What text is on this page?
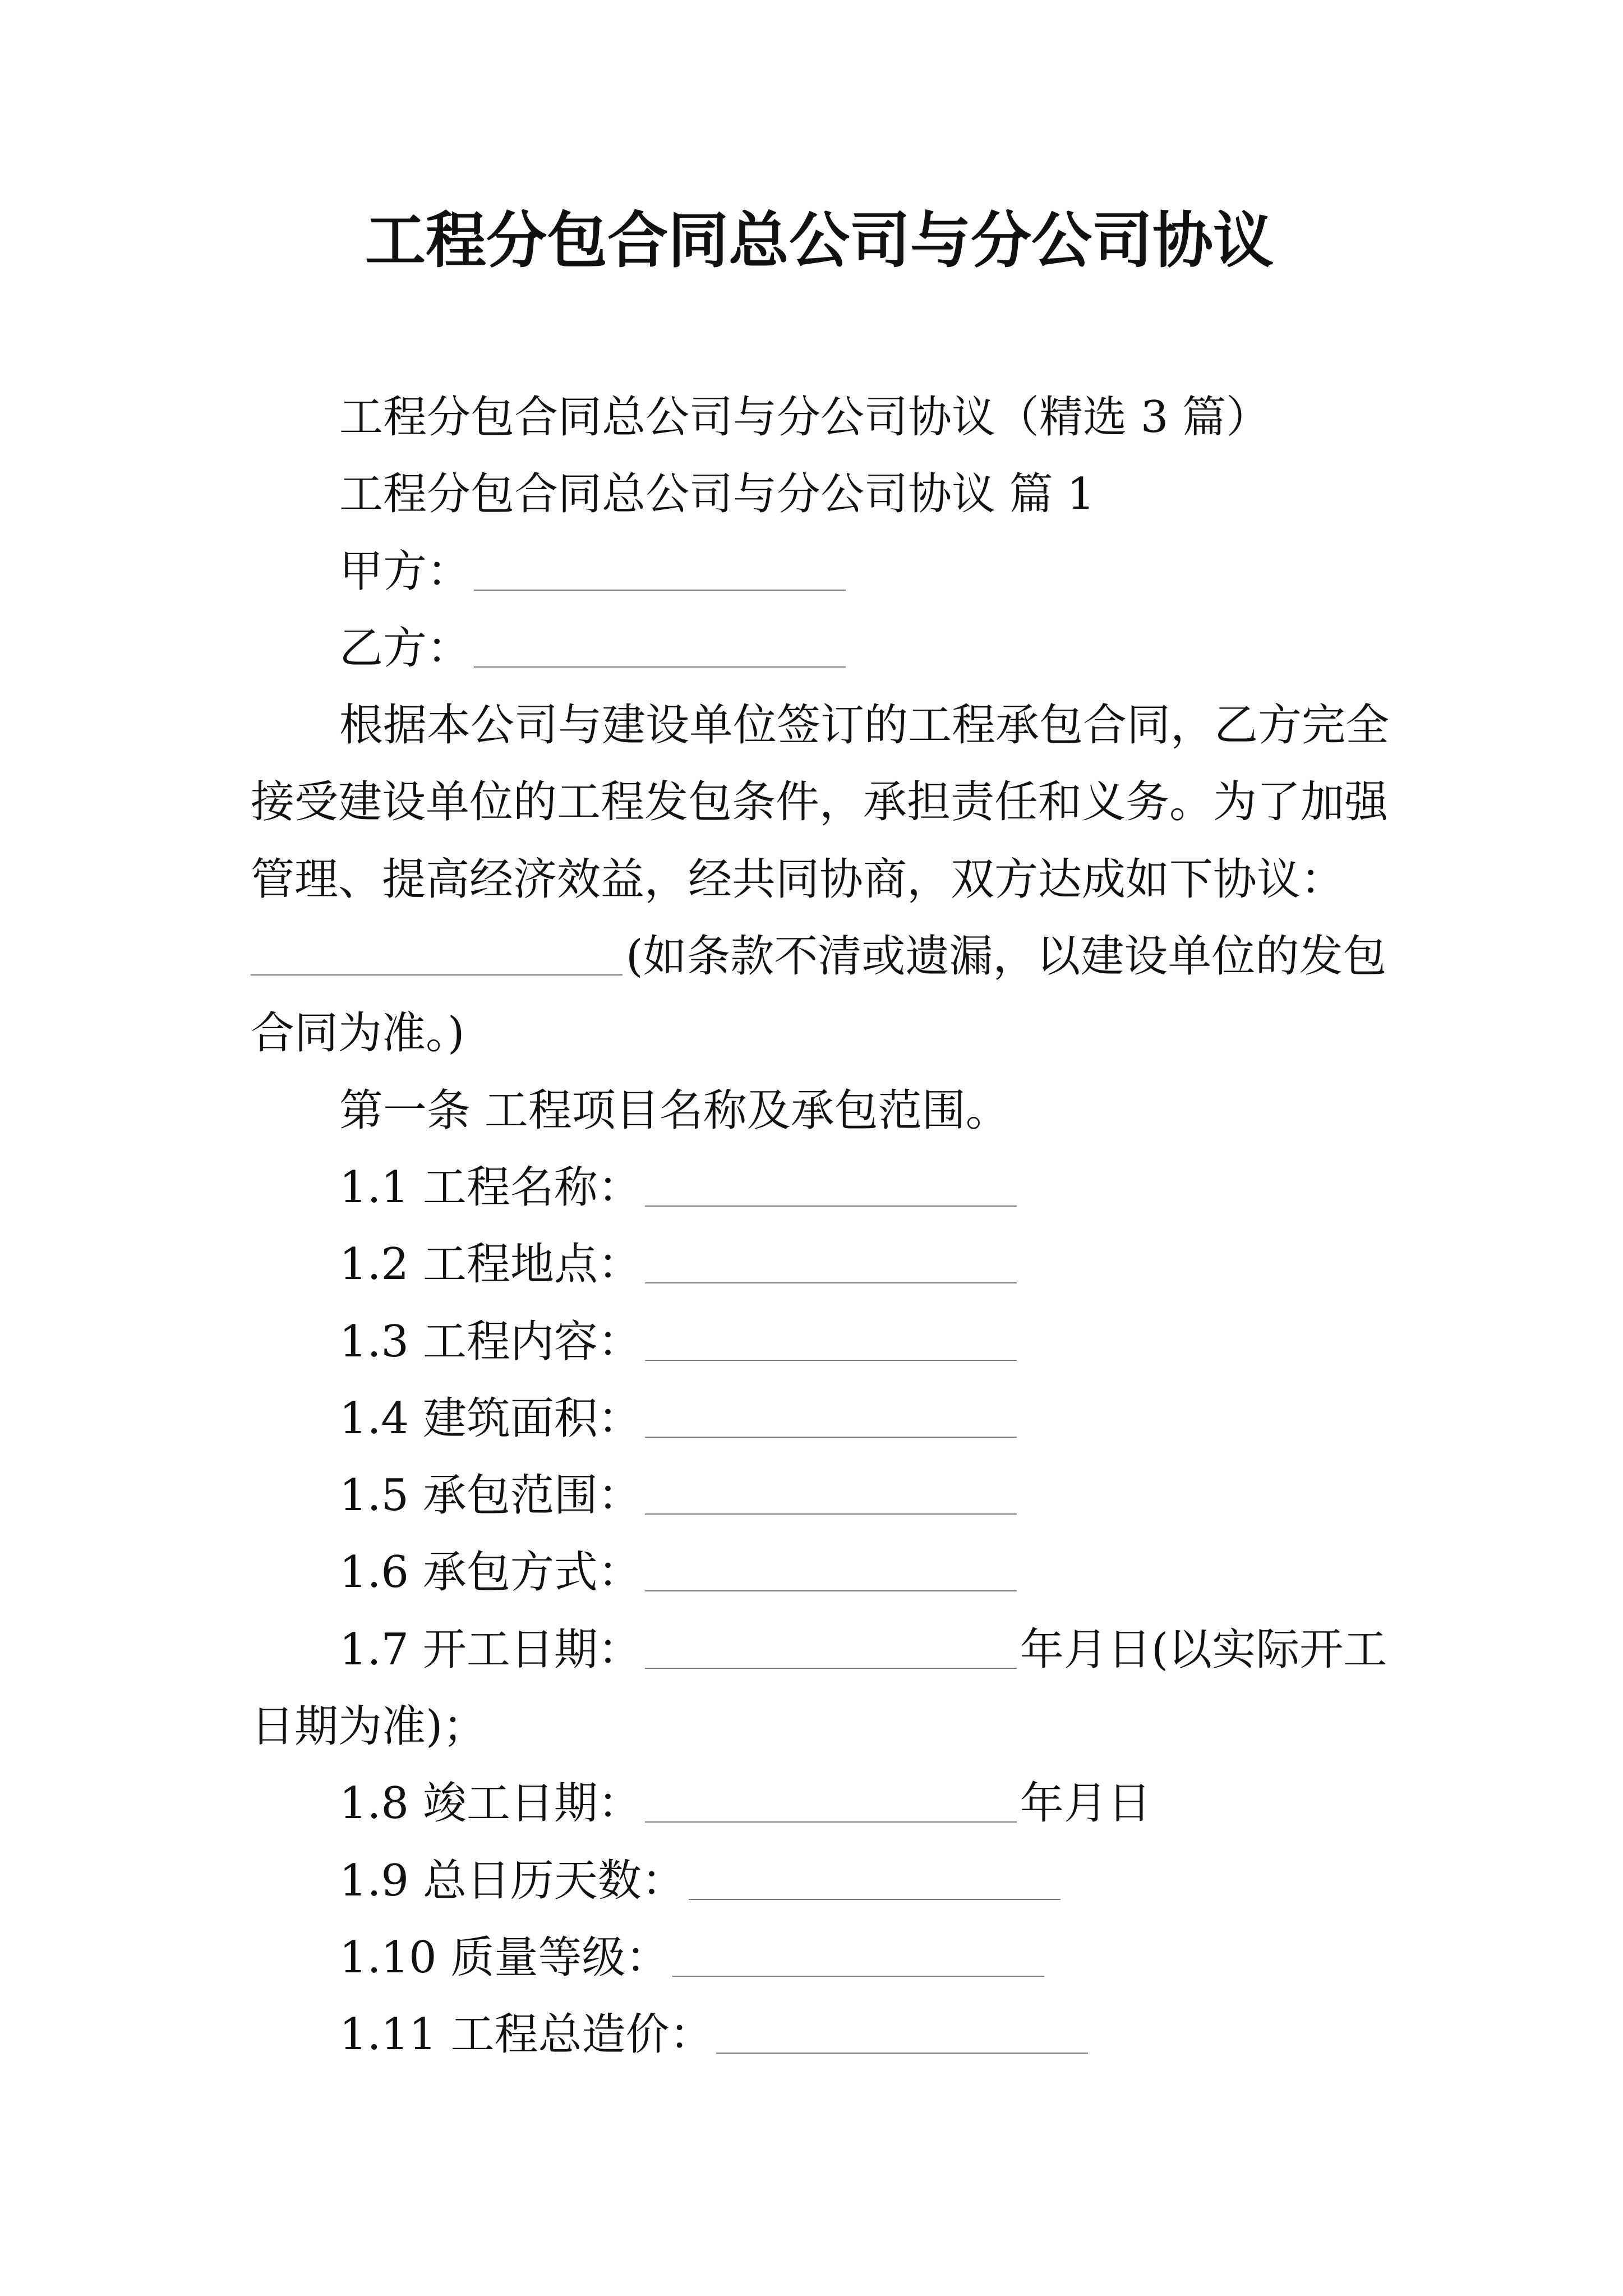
工程分包合同总公司与分公司协议
工程分包合同总公司与分公司协议（精选 3 篇）
工程分包合同总公司与分公司协议 篇 1
甲方：
乙方：
根据本公司与建设单位签订的工程承包合同，乙方完全
接受建设单位的工程发包条件，承担责任和义务。为了加强
管理、提高经济效益，经共同协商，双方达成如下协议：
(如条款不清或遗漏，以建设单位的发包
合同为准。)
第一条 工程项目名称及承包范围。
1.1 工程名称：
1.2 工程地点：
1.3 工程内容：
1.4 建筑面积：
1.5 承包范围：
1.6 承包方式：
1.7 开工日期：	年月日(以实际开工
日期为准)；
1.8 竣工日期：	年月日
1.9 总日历天数：
1.10 质量等级：
1.11 工程总造价：
